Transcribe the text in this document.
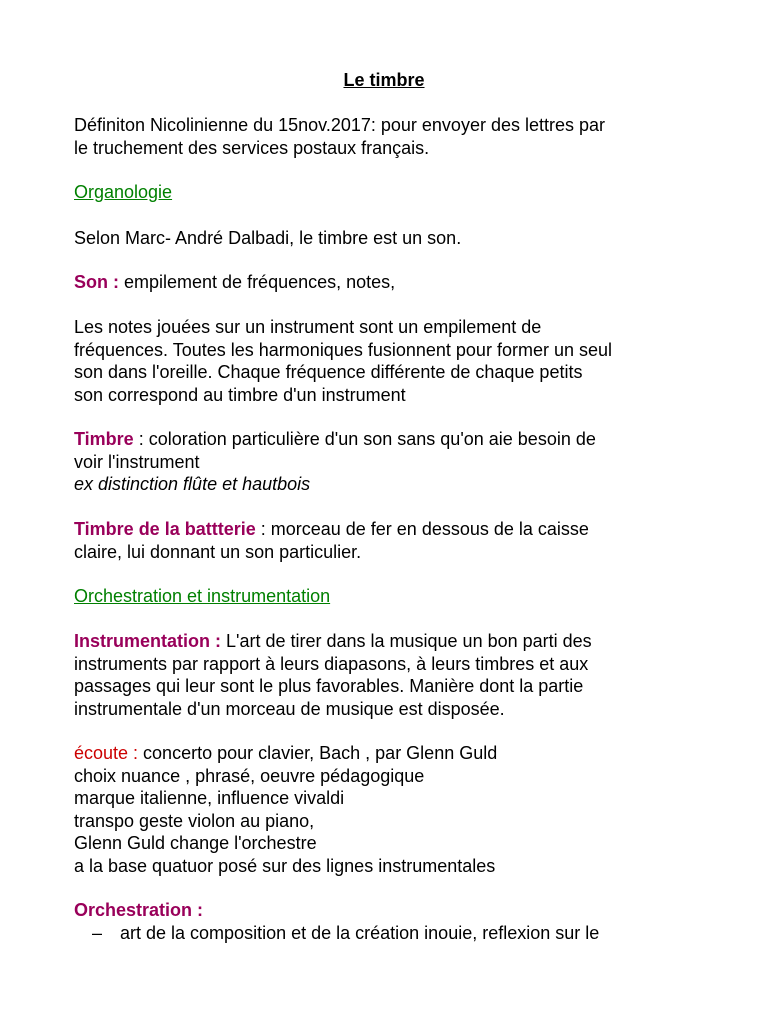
Le timbre
Définiton Nicolinienne du 15nov.2017: pour envoyer des lettres par
le truchement des services postaux français.
Organologie
Selon Marc- André Dalbadi, le timbre est un son.
Son : empilement de fréquences, notes,
Les notes jouées sur un instrument sont un empilement de
fréquences. Toutes les harmoniques fusionnent pour former un seul
son dans l'oreille. Chaque fréquence différente de chaque petits
son correspond au timbre d'un instrument
Timbre : coloration particulière d'un son sans qu'on aie besoin de
voir l'instrument
ex distinction flûte et hautbois
Timbre de la battterie : morceau de fer en dessous de la caisse
claire, lui donnant un son particulier.
Orchestration et instrumentation
Instrumentation : L'art de tirer dans la musique un bon parti des
instruments par rapport à leurs diapasons, à leurs timbres et aux
passages qui leur sont le plus favorables. Manière dont la partie
instrumentale d'un morceau de musique est disposée.
écoute : concerto pour clavier, Bach , par Glenn Guld
choix nuance , phrasé, oeuvre pédagogique
marque italienne, influence vivaldi
transpo geste violon au piano,
Glenn Guld change l'orchestre
a la base quatuor posé sur des lignes instrumentales
Orchestration :
– art de la composition et de la création inouie, reflexion sur le
